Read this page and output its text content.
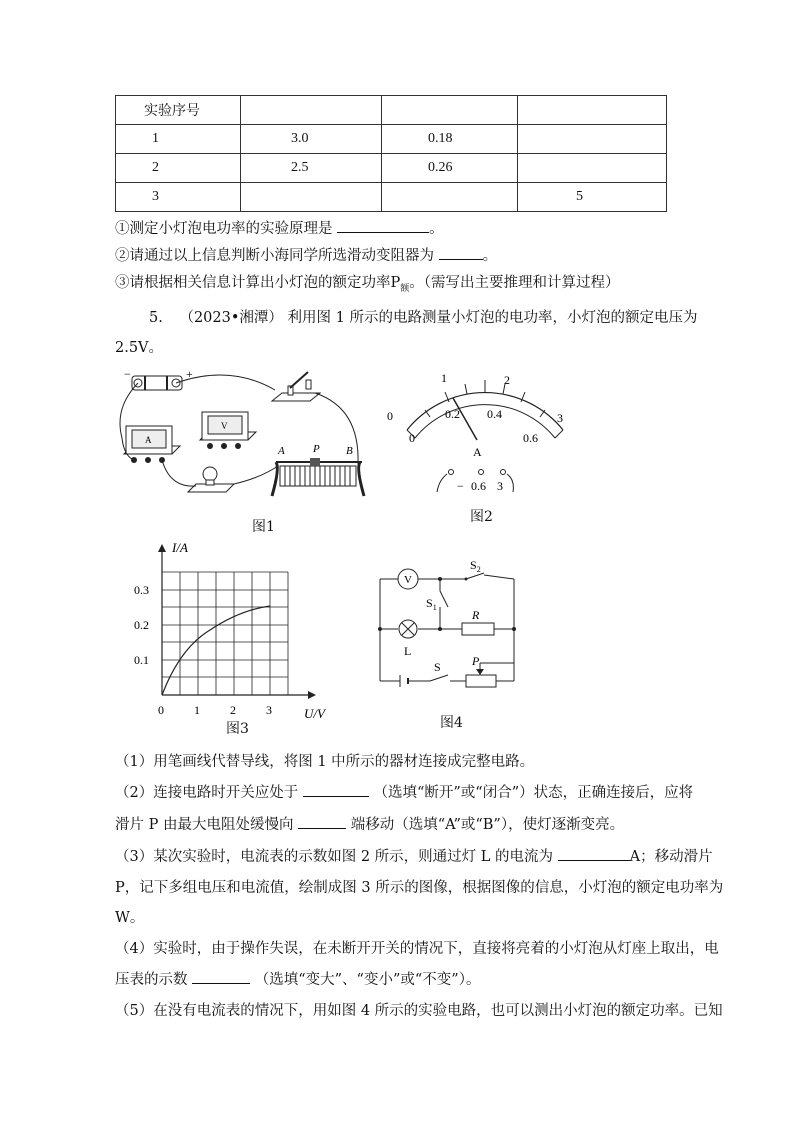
实验序号			
1	3.0	0.18	
2	2.5	0.26	
3			5
①测定小灯泡电功率的实验原理是	。
②请通过以上信息判断小海同学所选滑动变阻器为	。
③请根据相关信息计算出小灯泡的额定功率$P_额$。（需写出主要推理和计算过程）
5. （2023•湘潭） 利用图 1 所示的电路测量小灯泡的电功率，小灯泡的额定电压为
2.5V。
−	+
A
V
A	P B
图1
0
1	2
3
0
0.2 0.4
0.6
A
− 0.6 3
图2
I/A
U/V
0.1
0.2
0.3
0	1	2	3
图3
V
$S_2$
$S_1$
L
R
S	P
图4
（1）用笔画线代替导线，将图 1 中所示的器材连接成完整电路。
（2）连接电路时开关应处于	（选填“断开”或“闭合”）状态，正确连接后，应将
滑片 P 由最大电阻处缓慢向	端移动（选填“A”或“B”），使灯逐渐变亮。
（3）某次实验时，电流表的示数如图 2 所示，则通过灯 L 的电流为	A；移动滑片
P，记下多组电压和电流值，绘制成图 3 所示的图像，根据图像的信息，小灯泡的额定电功率为
W。
（4）实验时，由于操作失误，在未断开开关的情况下，直接将亮着的小灯泡从灯座上取出，电
压表的示数	（选填“变大”、“变小”或“不变”）。
（5）在没有电流表的情况下，用如图 4 所示的实验电路，也可以测出小灯泡的额定功率。已知
